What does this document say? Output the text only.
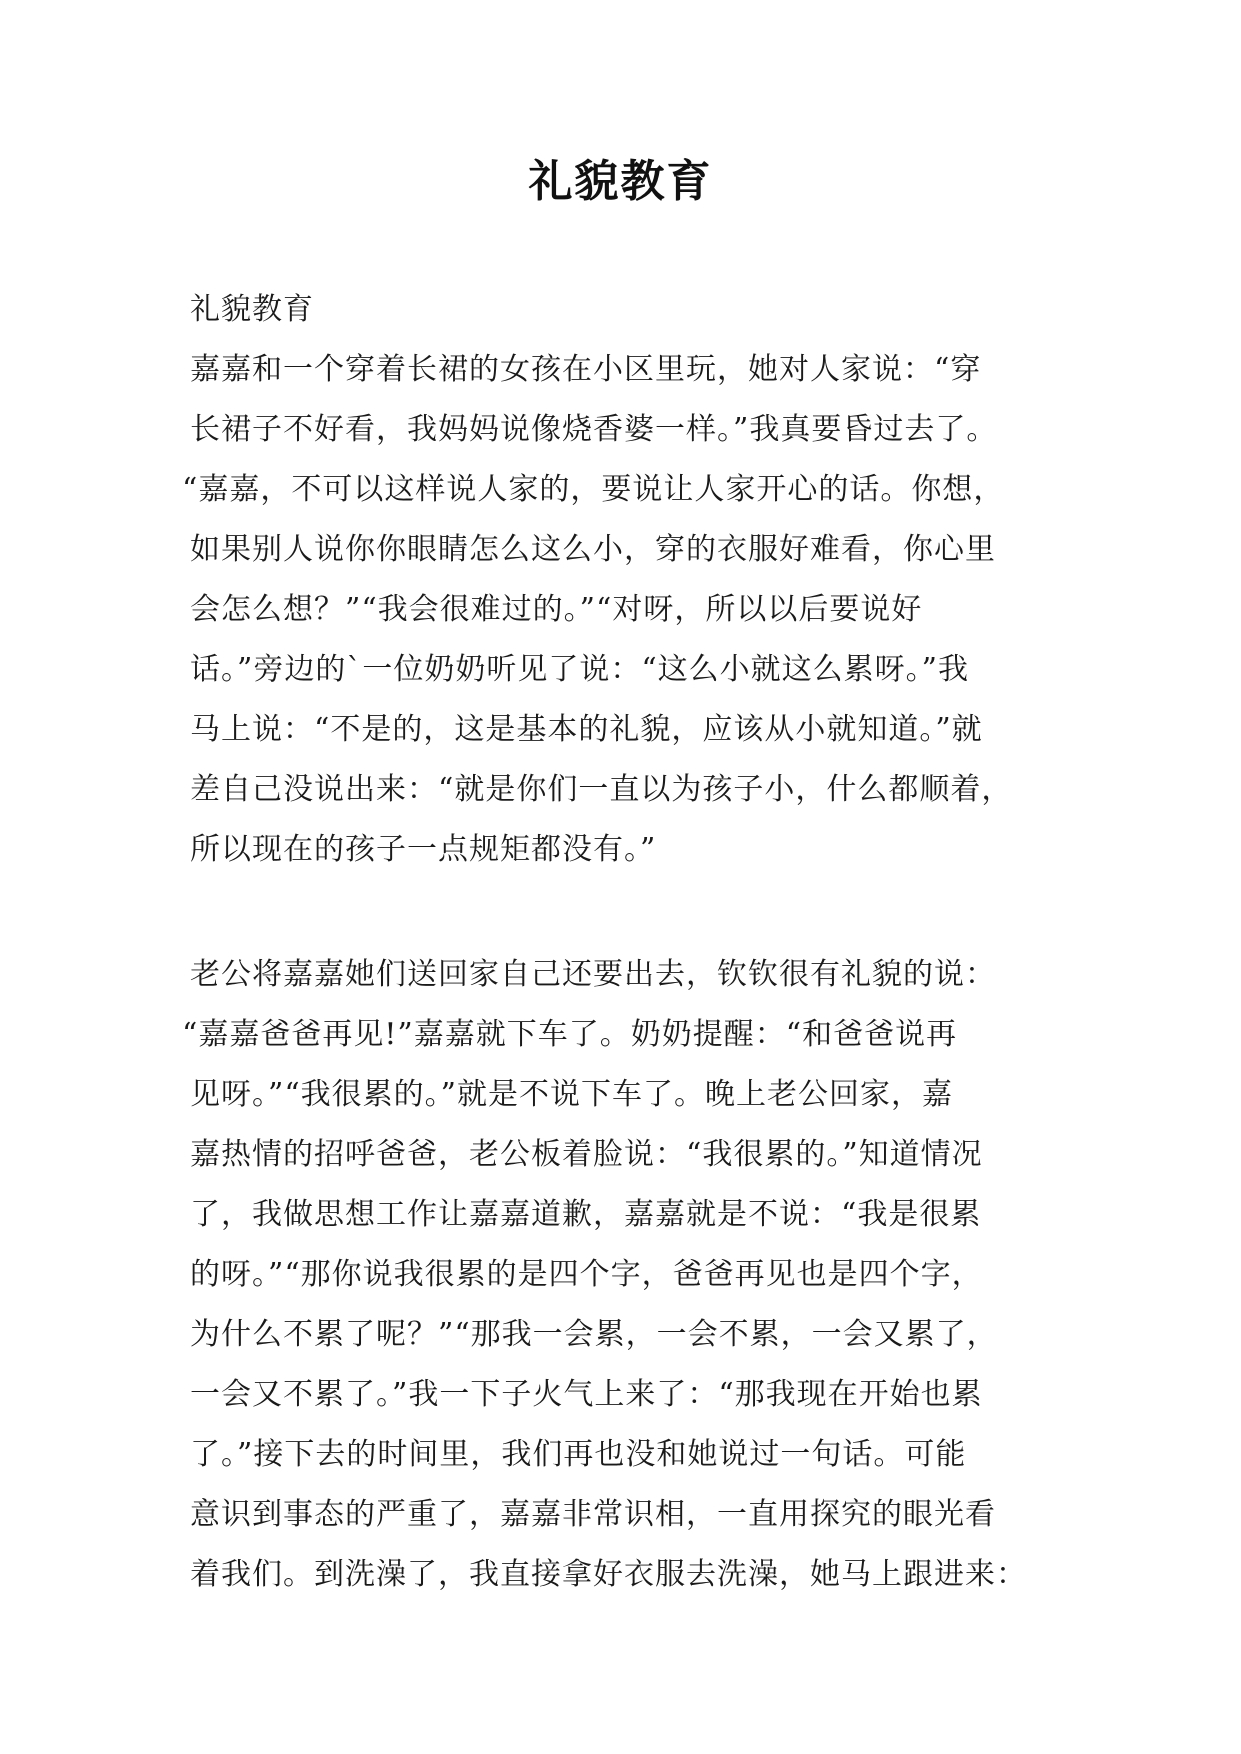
礼貌教育
礼貌教育
嘉嘉和一个穿着长裙的女孩在小区里玩，她对人家说：“穿
长裙子不好看，我妈妈说像烧香婆一样。”我真要昏过去了。
“嘉嘉，不可以这样说人家的，要说让人家开心的话。你想，
如果别人说你你眼睛怎么这么小，穿的衣服好难看，你心里
会怎么想？”“我会很难过的。”“对呀，所以以后要说好
话。”旁边的`一位奶奶听见了说：“这么小就这么累呀。”我
马上说：“不是的，这是基本的礼貌，应该从小就知道。”就
差自己没说出来：“就是你们一直以为孩子小，什么都顺着，
所以现在的孩子一点规矩都没有。”
老公将嘉嘉她们送回家自己还要出去，钦钦很有礼貌的说：
“嘉嘉爸爸再见!”嘉嘉就下车了。奶奶提醒：“和爸爸说再
见呀。”“我很累的。”就是不说下车了。晚上老公回家，嘉
嘉热情的招呼爸爸，老公板着脸说：“我很累的。”知道情况
了，我做思想工作让嘉嘉道歉，嘉嘉就是不说：“我是很累
的呀。”“那你说我很累的是四个字，爸爸再见也是四个字，
为什么不累了呢？”“那我一会累，一会不累，一会又累了，
一会又不累了。”我一下子火气上来了：“那我现在开始也累
了。”接下去的时间里，我们再也没和她说过一句话。可能
意识到事态的严重了，嘉嘉非常识相，一直用探究的眼光看
着我们。到洗澡了，我直接拿好衣服去洗澡，她马上跟进来：
